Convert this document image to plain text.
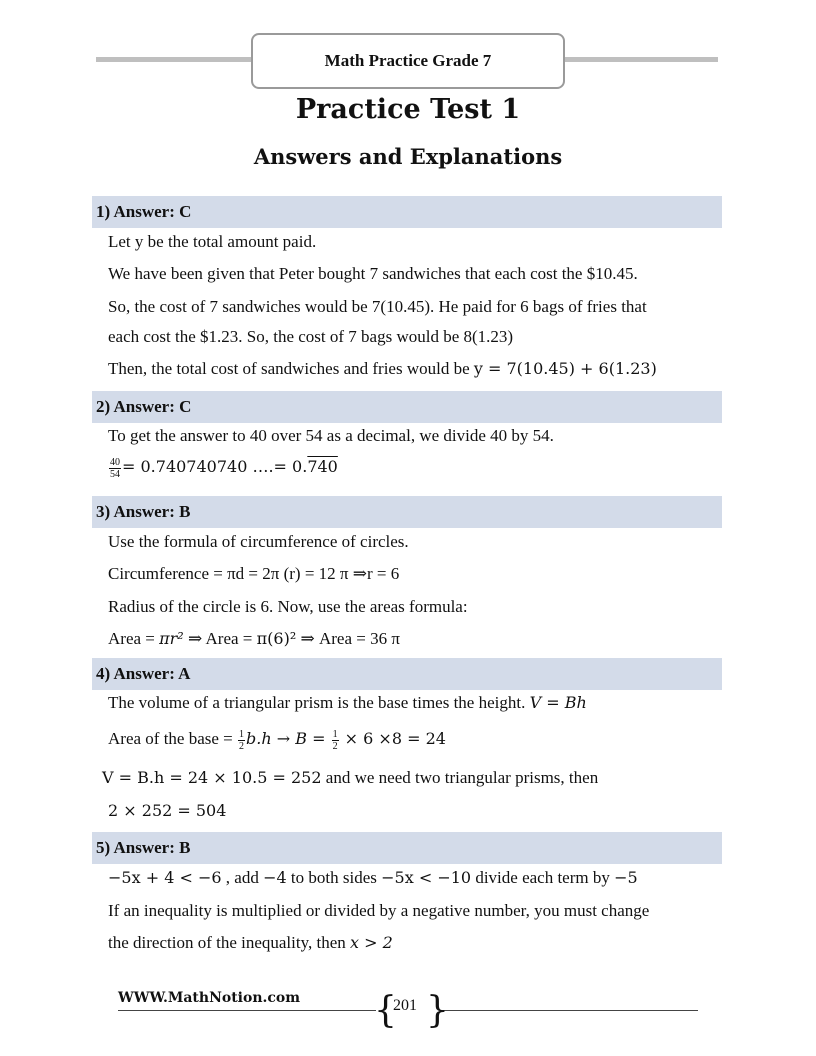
Math Practice Grade 7
Practice Test 1
Answers and Explanations
1) Answer: C
Let y be the total amount paid.
We have been given that Peter bought 7 sandwiches that each cost the $10.45.
So, the cost of 7 sandwiches would be 7(10.45). He paid for 6 bags of fries that
each cost the $1.23. So, the cost of 7 bags would be 8(1.23)
Then, the total cost of sandwiches and fries would be y = 7(10.45) + 6(1.23)
2) Answer: C
To get the answer to 40 over 54 as a decimal, we divide 40 by 54.
$\frac{40}{54} = 0.740740740$ ….= 0.740
3) Answer: B
Use the formula of circumference of circles.
Circumference = πd = 2π (r) = 12 π ⇒r = 6
Radius of the circle is 6. Now, use the areas formula:
Area = πr² ⇒ Area = π(6)² ⇒ Area = 36 π
4) Answer: A
The volume of a triangular prism is the base times the height. V = Bh
Area of the base = $\frac{1}{2} b.h \to B = \frac{1}{2} \times 6 \times 8 = 24$
V = B.h = 24 × 10.5 = 252 and we need two triangular prisms, then
2 × 252 = 504
5) Answer: B
−5x + 4 < −6 , add −4 to both sides −5x < −10 divide each term by −5
If an inequality is multiplied or divided by a negative number, you must change
the direction of the inequality, then x > 2
WWW.MathNotion.com { }
201
